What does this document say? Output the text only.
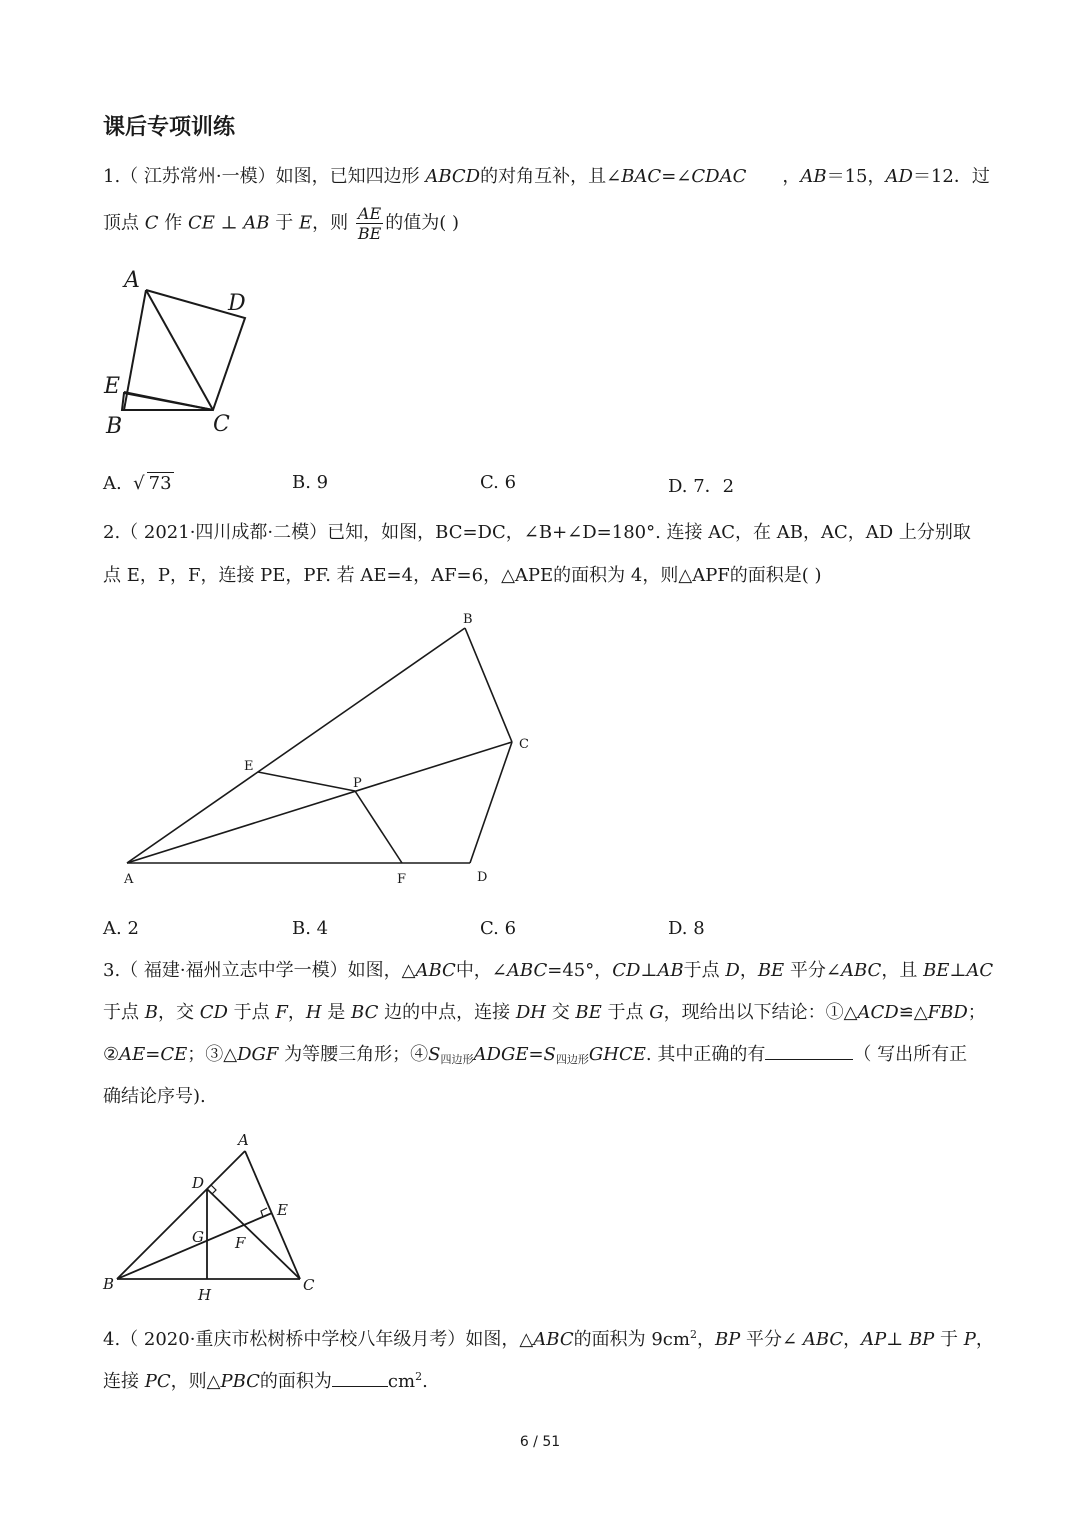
课后专项训练
1.（ 江苏常州·一模）如图，已知四边形 ABCD的对角互补，且∠BAC=∠CDAC ，AB＝15，AD＝12．过
顶点 C 作 CE ⊥ AB 于 E，则 $\frac{AE}{BE}$ 的值为( )
A
D
E
B	C
A.  √ 73	B. 9	C. 6	D. 7．2
2.（ 2021·四川成都·二模）已知，如图，BC=DC，∠B+∠D=180°. 连接 AC，在 AB，AC，AD 上分别取
点 E，P，F，连接 PE，PF. 若 AE=4，AF=6，△APE的面积为 4，则△APF的面积是( )
B
C
E
P
A	F	D
A. 2	B. 4	C. 6	D. 8
3.（ 福建·福州立志中学一模）如图，△ABC中，∠ABC=45°，CD⊥AB于点 D，BE 平分∠ABC，且 BE⊥AC
于点 B，交 CD 于点 F，H 是 BC 边的中点，连接 DH 交 BE 于点 G，现给出以下结论：①△ACD≌△FBD；
②AE=CE；③△DGF 为等腰三角形；$④S_{四边形}ADGE=S_{四边形}GHCE$. 其中正确的有	（ 写出所有正
确结论序号).
A
D
E
G F
B
H
C
4.（ 2020·重庆市松树桥中学校八年级月考）如图，△ABC的面积为 $9cm^2$，BP 平分∠ ABC，AP⊥ BP 于 P，
连接 PC，则△PBC的面积为	$cm^2$.
6 / 51
